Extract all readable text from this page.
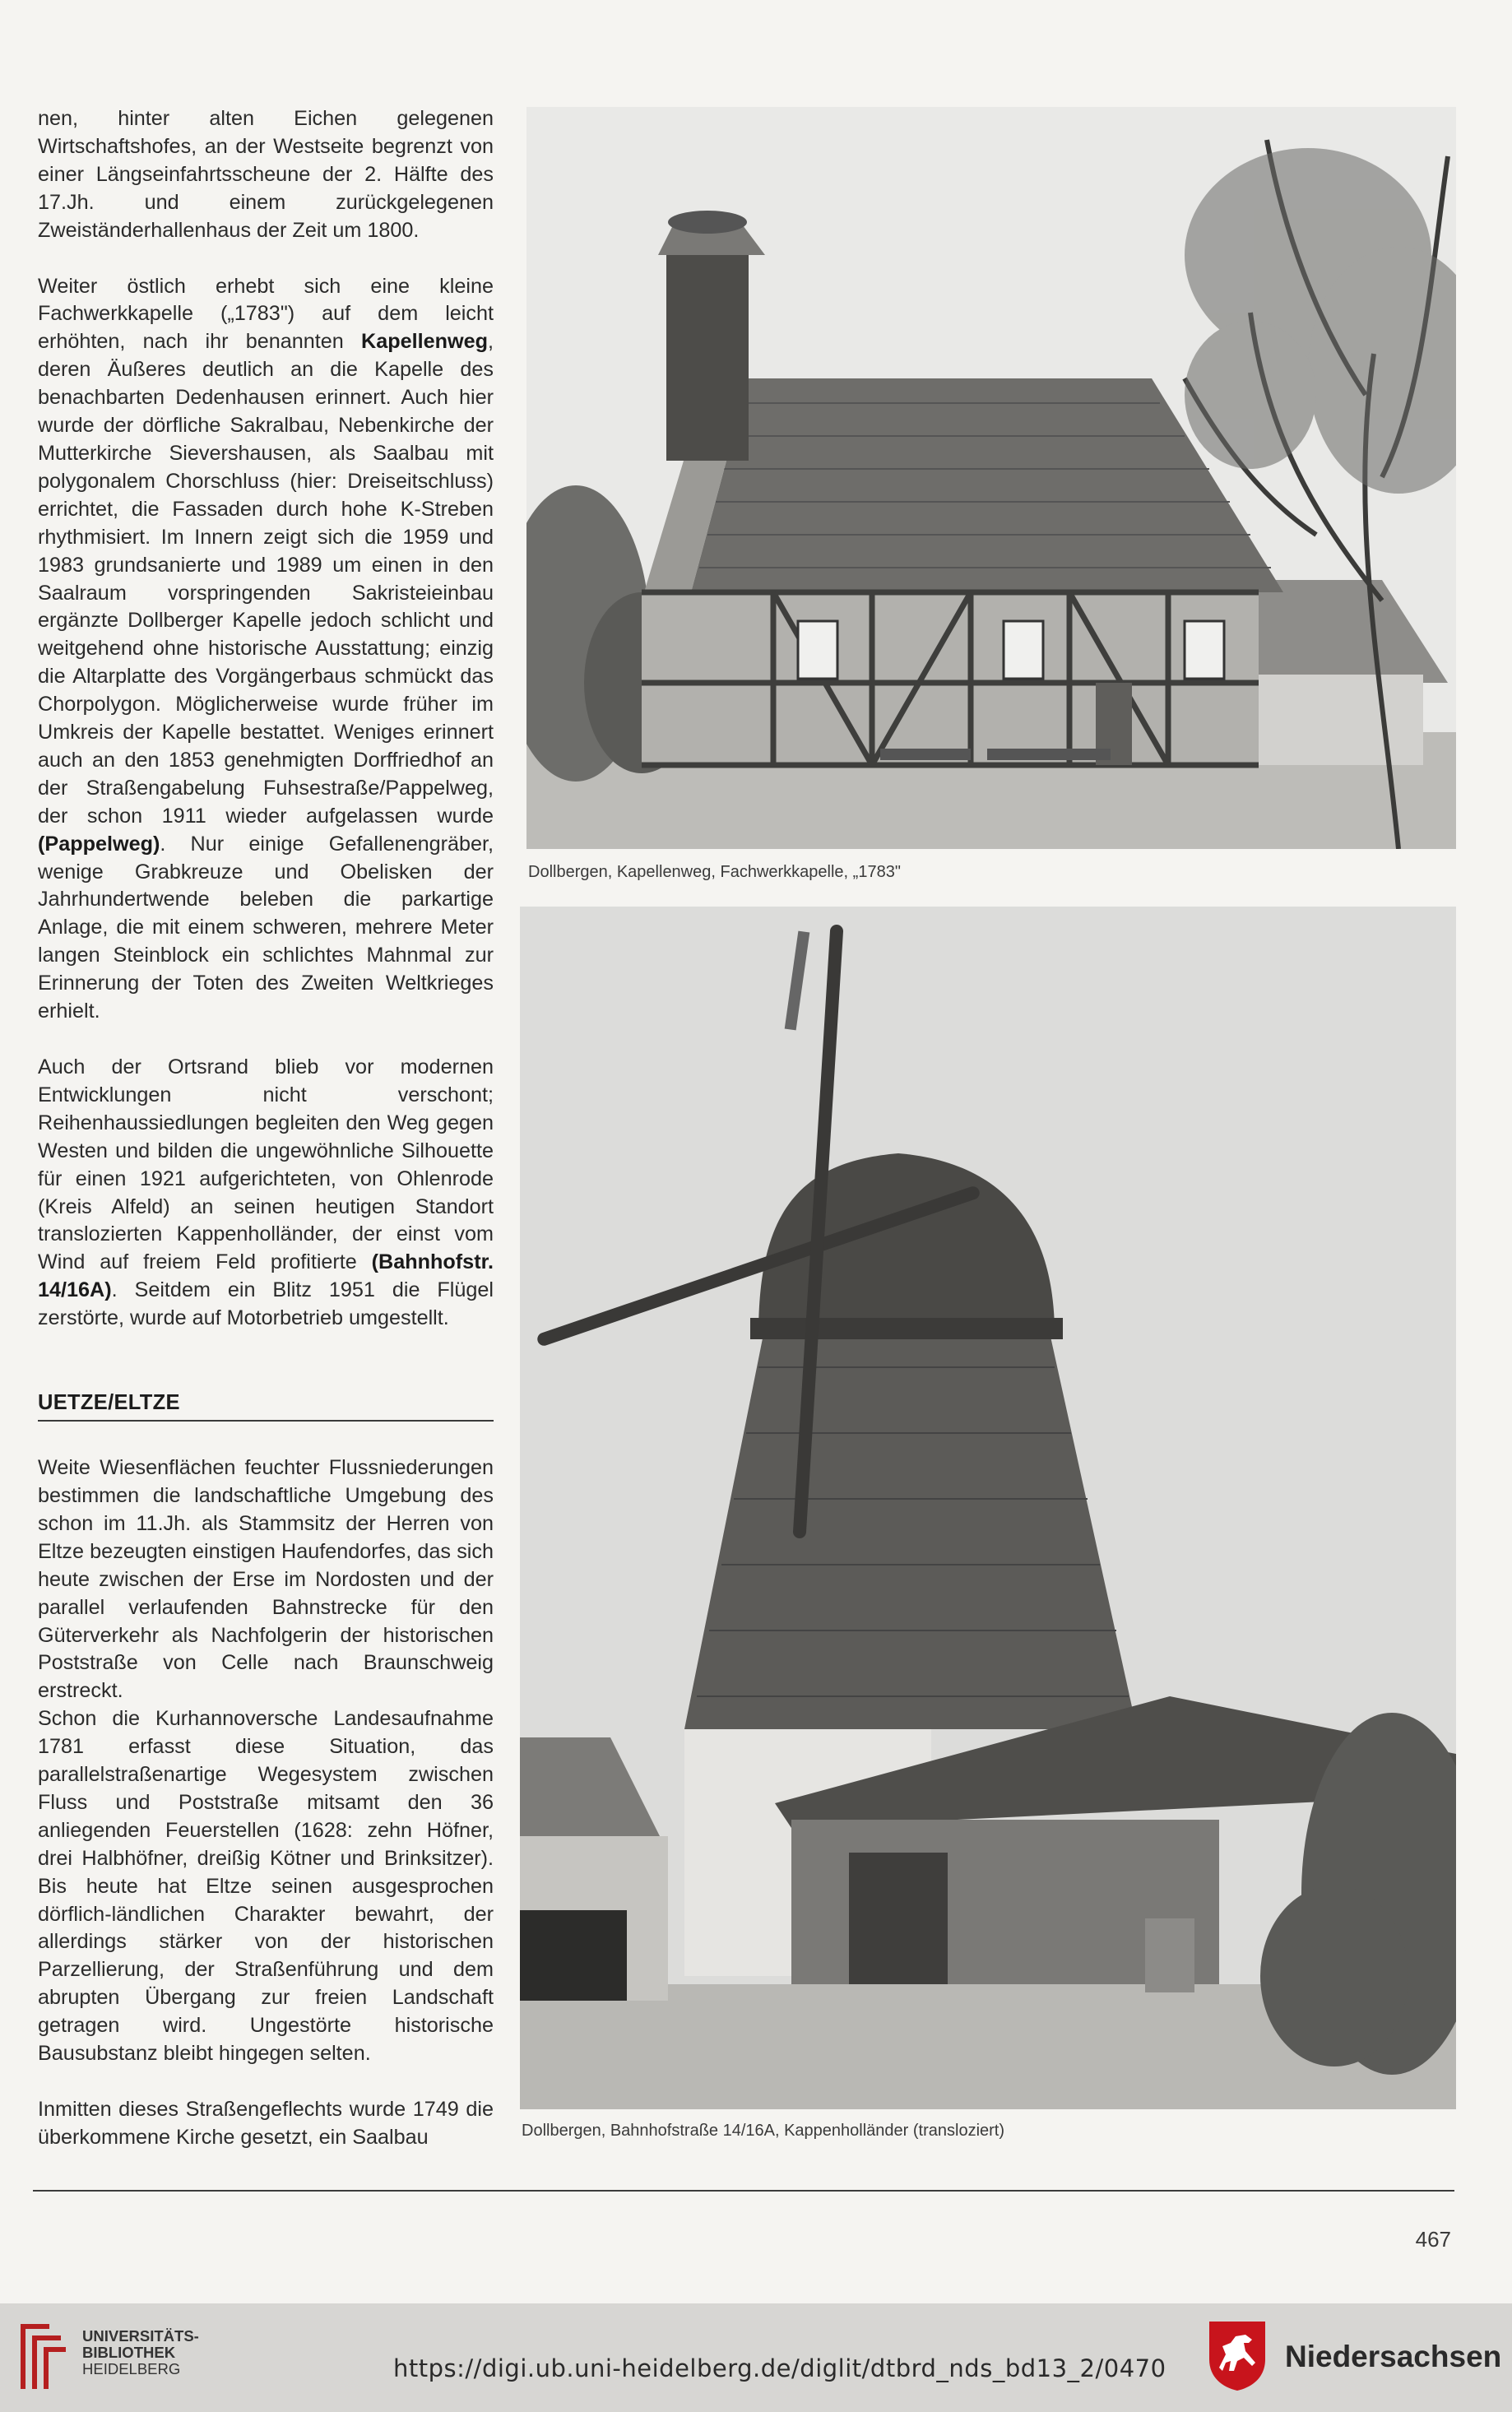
nen, hinter alten Eichen gelegenen Wirtschaftshofes, an der Westseite begrenzt von einer Längseinfahrtsscheune der 2. Hälfte des 17.Jh. und einem zurückgelegenen Zweiständerhallenhaus der Zeit um 1800.

Weiter östlich erhebt sich eine kleine Fachwerkkapelle („1783") auf dem leicht erhöhten, nach ihr benannten Kapellenweg, deren Äußeres deutlich an die Kapelle des benachbarten Dedenhausen erinnert. Auch hier wurde der dörfliche Sakralbau, Nebenkirche der Mutterkirche Sievershausen, als Saalbau mit polygonalem Chorschluss (hier: Dreiseitschluss) errichtet, die Fassaden durch hohe K-Streben rhythmisiert. Im Innern zeigt sich die 1959 und 1983 grundsanierte und 1989 um einen in den Saalraum vorspringenden Sakristeieinbau ergänzte Dollberger Kapelle jedoch schlicht und weitgehend ohne historische Ausstattung; einzig die Altarplatte des Vorgängerbaus schmückt das Chorpolygon. Möglicherweise wurde früher im Umkreis der Kapelle bestattet. Weniges erinnert auch an den 1853 genehmigten Dorffriedhof an der Straßengabelung Fuhsestraße/Pappelweg, der schon 1911 wieder aufgelassen wurde (Pappelweg). Nur einige Gefallenengräber, wenige Grabkreuze und Obelisken der Jahrhundertwende beleben die parkartige Anlage, die mit einem schweren, mehrere Meter langen Steinblock ein schlichtes Mahnmal zur Erinnerung der Toten des Zweiten Weltkrieges erhielt.

Auch der Ortsrand blieb vor modernen Entwicklungen nicht verschont; Reihenhaussiedlungen begleiten den Weg gegen Westen und bilden die ungewöhnliche Silhouette für einen 1921 aufgerichteten, von Ohlenrode (Kreis Alfeld) an seinen heutigen Standort translozierten Kappenholländer, der einst vom Wind auf freiem Feld profitierte (Bahnhofstr. 14/16A). Seitdem ein Blitz 1951 die Flügel zerstörte, wurde auf Motorbetrieb umgestellt.

UETZE/ELTZE

Weite Wiesenflächen feuchter Flussniederungen bestimmen die landschaftliche Umgebung des schon im 11.Jh. als Stammsitz der Herren von Eltze bezeugten einstigen Haufendorfes, das sich heute zwischen der Erse im Nordosten und der parallel verlaufenden Bahnstrecke für den Güterverkehr als Nachfolgerin der historischen Poststraße von Celle nach Braunschweig erstreckt.

Schon die Kurhannoversche Landesaufnahme 1781 erfasst diese Situation, das parallelstraßenartige Wegesystem zwischen Fluss und Poststraße mitsamt den 36 anliegenden Feuerstellen (1628: zehn Höfner, drei Halbhöfner, dreißig Kötner und Brinksitzer). Bis heute hat Eltze seinen ausgesprochen dörflich-ländlichen Charakter bewahrt, der allerdings stärker von der historischen Parzellierung, der Straßenführung und dem abrupten Übergang zur freien Landschaft getragen wird. Ungestörte historische Bausubstanz bleibt hingegen selten.

Inmitten dieses Straßengeflechts wurde 1749 die überkommene Kirche gesetzt, ein Saalbau

Dollbergen, Kapellenweg, Fachwerkkapelle, „1783"
Dollbergen, Bahnhofstraße 14/16A, Kappenholländer (transloziert)
467
UNIVERSITÄTS-
BIBLIOTHEK
HEIDELBERG	https://digi.ub.uni-heidelberg.de/diglit/dtbrd_nds_bd13_2/0470	Niedersachsen
